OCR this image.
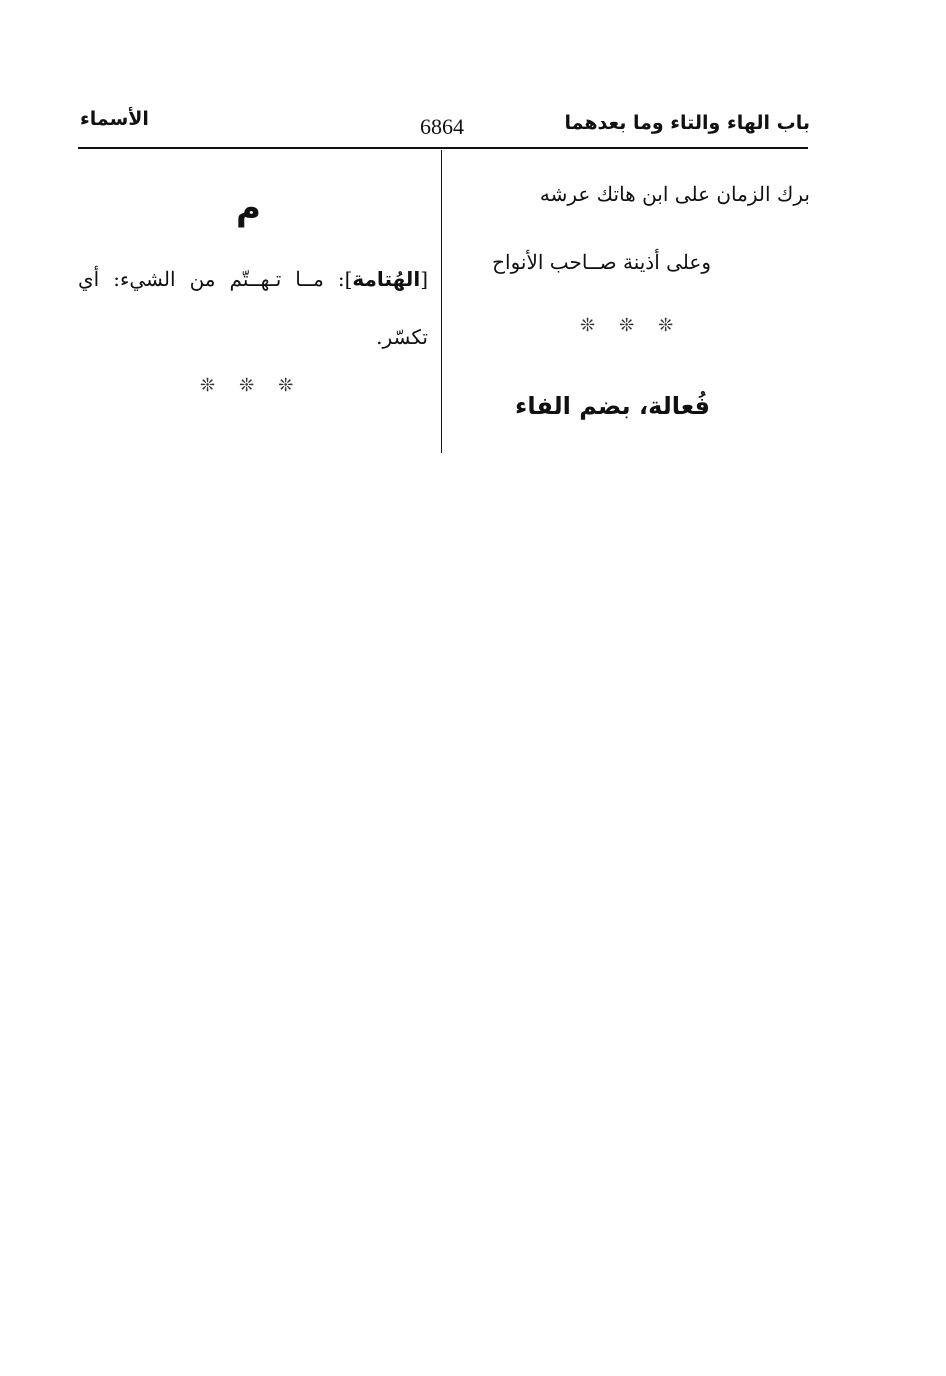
باب الهاء والتاء وما بعدهما
6864
الأسماء
برك الزمان على ابن هاتك عرشه
وعلى أذينة صــاحب الأنواح
❊❊❊
فُعالة، بضم الفاء
م
[الهُتامة]: مــا تـهــتّم من الشيء: أي تكسّر.
❊❊❊
